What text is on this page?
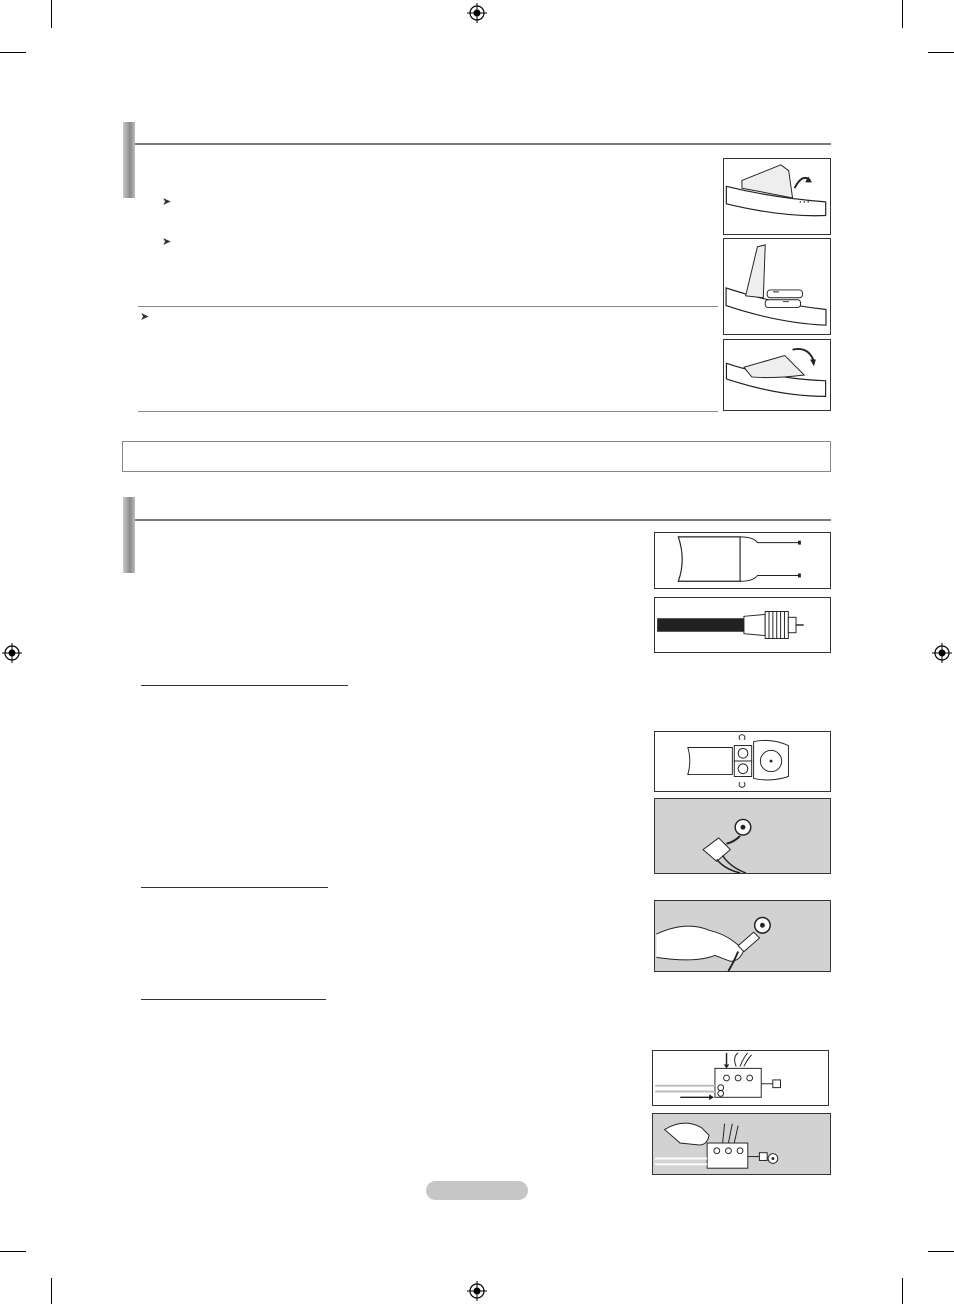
➤
➤
➤
